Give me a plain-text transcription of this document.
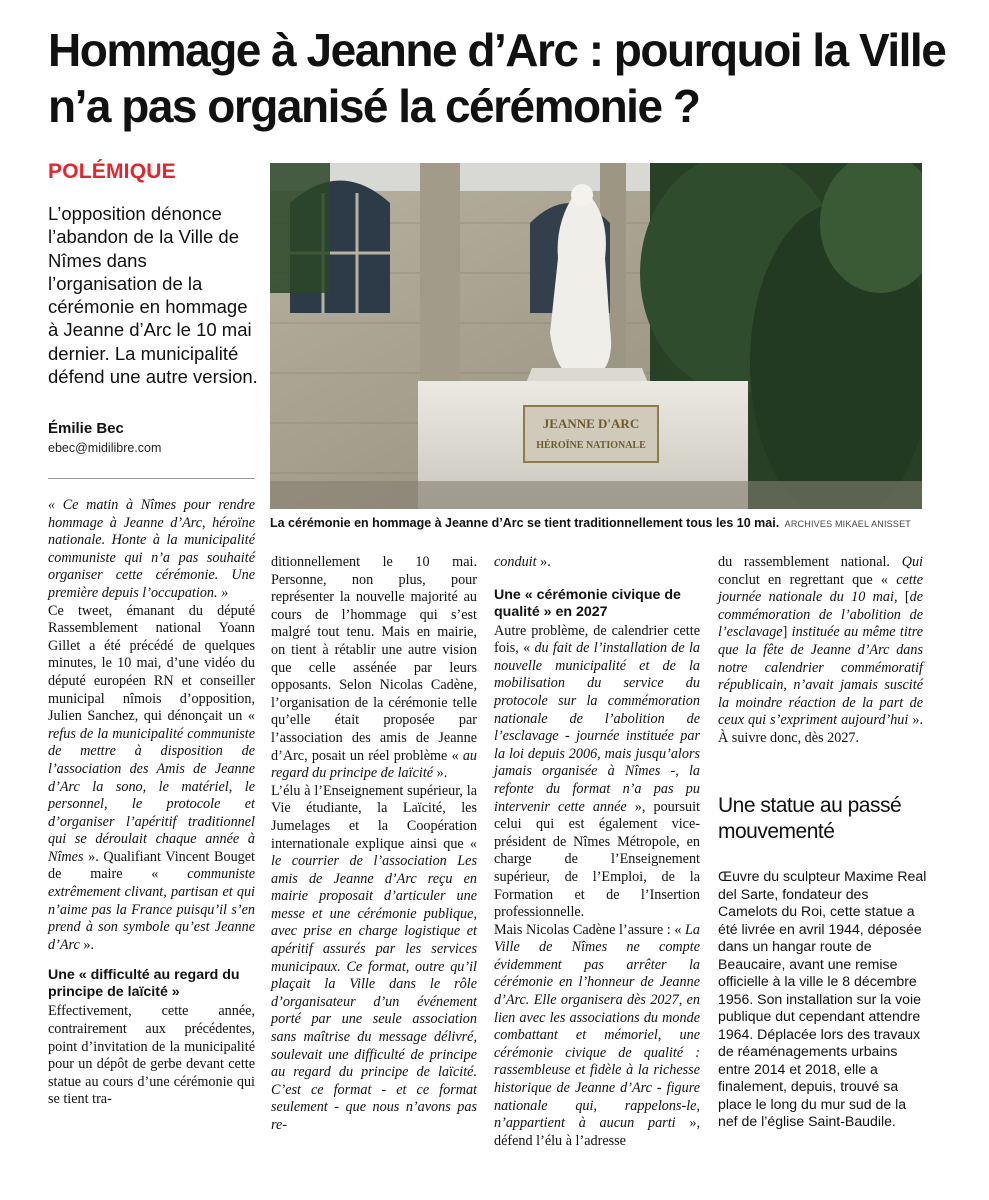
Hommage à Jeanne d’Arc : pourquoi la Ville n’a pas organisé la cérémonie ?
POLÉMIQUE

L’opposition dénonce l’abandon de la Ville de Nîmes dans l’organisation de la cérémonie en hommage à Jeanne d’Arc le 10 mai dernier. La municipalité défend une autre version.

Émilie Bec
ebec@midilibre.com
JEANNE D'ARC
HÉROÏNE NATIONALE
La cérémonie en hommage à Jeanne d’Arc se tient traditionnellement tous les 10 mai. ARCHIVES MIKAEL ANISSET

« Ce matin à Nîmes pour rendre hommage à Jeanne d’Arc, héroïne nationale. Honte à la municipalité communiste qui n’a pas souhaité organiser cette cérémonie. Une première depuis l’occupation. »

Ce tweet, émanant du député Rassemblement national Yoann Gillet a été précédé de quelques minutes, le 10 mai, d’une vidéo du député européen RN et conseiller municipal nîmois d’opposition, Julien Sanchez, qui dénonçait un « refus de la municipalité communiste de mettre à disposition de l’association des Amis de Jeanne d’Arc la sono, le matériel, le personnel, le protocole et d’organiser l’apéritif traditionnel qui se déroulait chaque année à Nîmes ». Qualifiant Vincent Bouget de maire « communiste extrêmement clivant, partisan et qui n’aime pas la France puisqu’il s’en prend à son symbole qu’est Jeanne d’Arc ».

Une « difficulté au regard du principe de laïcité »

Effectivement, cette année, contrairement aux précédentes, point d’invitation de la municipalité pour un dépôt de gerbe devant cette statue au cours d’une cérémonie qui se tient tra-

ditionnellement le 10 mai. Personne, non plus, pour représenter la nouvelle majorité au cours de l’hommage qui s’est malgré tout tenu. Mais en mairie, on tient à rétablir une autre vision que celle assénée par leurs opposants. Selon Nicolas Cadène, l’organisation de la cérémonie telle qu’elle était proposée par l’association des amis de Jeanne d’Arc, posait un réel problème « au regard du principe de laïcité ».

L’élu à l’Enseignement supérieur, la Vie étudiante, la Laïcité, les Jumelages et la Coopération internationale explique ainsi que « le courrier de l’association Les amis de Jeanne d’Arc reçu en mairie proposait d’articuler une messe et une cérémonie publique, avec prise en charge logistique et apéritif assurés par les services municipaux. Ce format, outre qu’il plaçait la Ville dans le rôle d’organisateur d’un événement porté par une seule association sans maîtrise du message délivré, soulevait une difficulté de principe au regard du principe de laïcité. C’est ce format - et ce format seulement - que nous n’avons pas re-

conduit ».

Une « cérémonie civique de qualité » en 2027

Autre problème, de calendrier cette fois, « du fait de l’installation de la nouvelle municipalité et de la mobilisation du service du protocole sur la commémoration nationale de l’abolition de l’esclavage - journée instituée par la loi depuis 2006, mais jusqu’alors jamais organisée à Nîmes -, la refonte du format n’a pas pu intervenir cette année », poursuit celui qui est également vice-président de Nîmes Métropole, en charge de l’Enseignement supérieur, de l’Emploi, de la Formation et de l’Insertion professionnelle.

Mais Nicolas Cadène l’assure : « La Ville de Nîmes ne compte évidemment pas arrêter la cérémonie en l’honneur de Jeanne d’Arc. Elle organisera dès 2027, en lien avec les associations du monde combattant et mémoriel, une cérémonie civique de qualité : rassembleuse et fidèle à la richesse historique de Jeanne d’Arc - figure nationale qui, rappelons-le, n’appartient à aucun parti », défend l’élu à l’adresse

du rassemblement national. Qui conclut en regrettant que « cette journée nationale du 10 mai, [de commémoration de l’abolition de l’esclavage] instituée au même titre que la fête de Jeanne d’Arc dans notre calendrier commémoratif républicain, n’avait jamais suscité la moindre réaction de la part de ceux qui s’expriment aujourd’hui ». À suivre donc, dès 2027.

Une statue au passé mouvementé

Œuvre du sculpteur Maxime Real del Sarte, fondateur des Camelots du Roi, cette statue a été livrée en avril 1944, déposée dans un hangar route de Beaucaire, avant une remise officielle à la ville le 8 décembre 1956. Son installation sur la voie publique dut cependant attendre 1964. Déplacée lors des travaux de réaménagements urbains entre 2014 et 2018, elle a finalement, depuis, trouvé sa place le long du mur sud de la nef de l’église Saint-Baudile.
